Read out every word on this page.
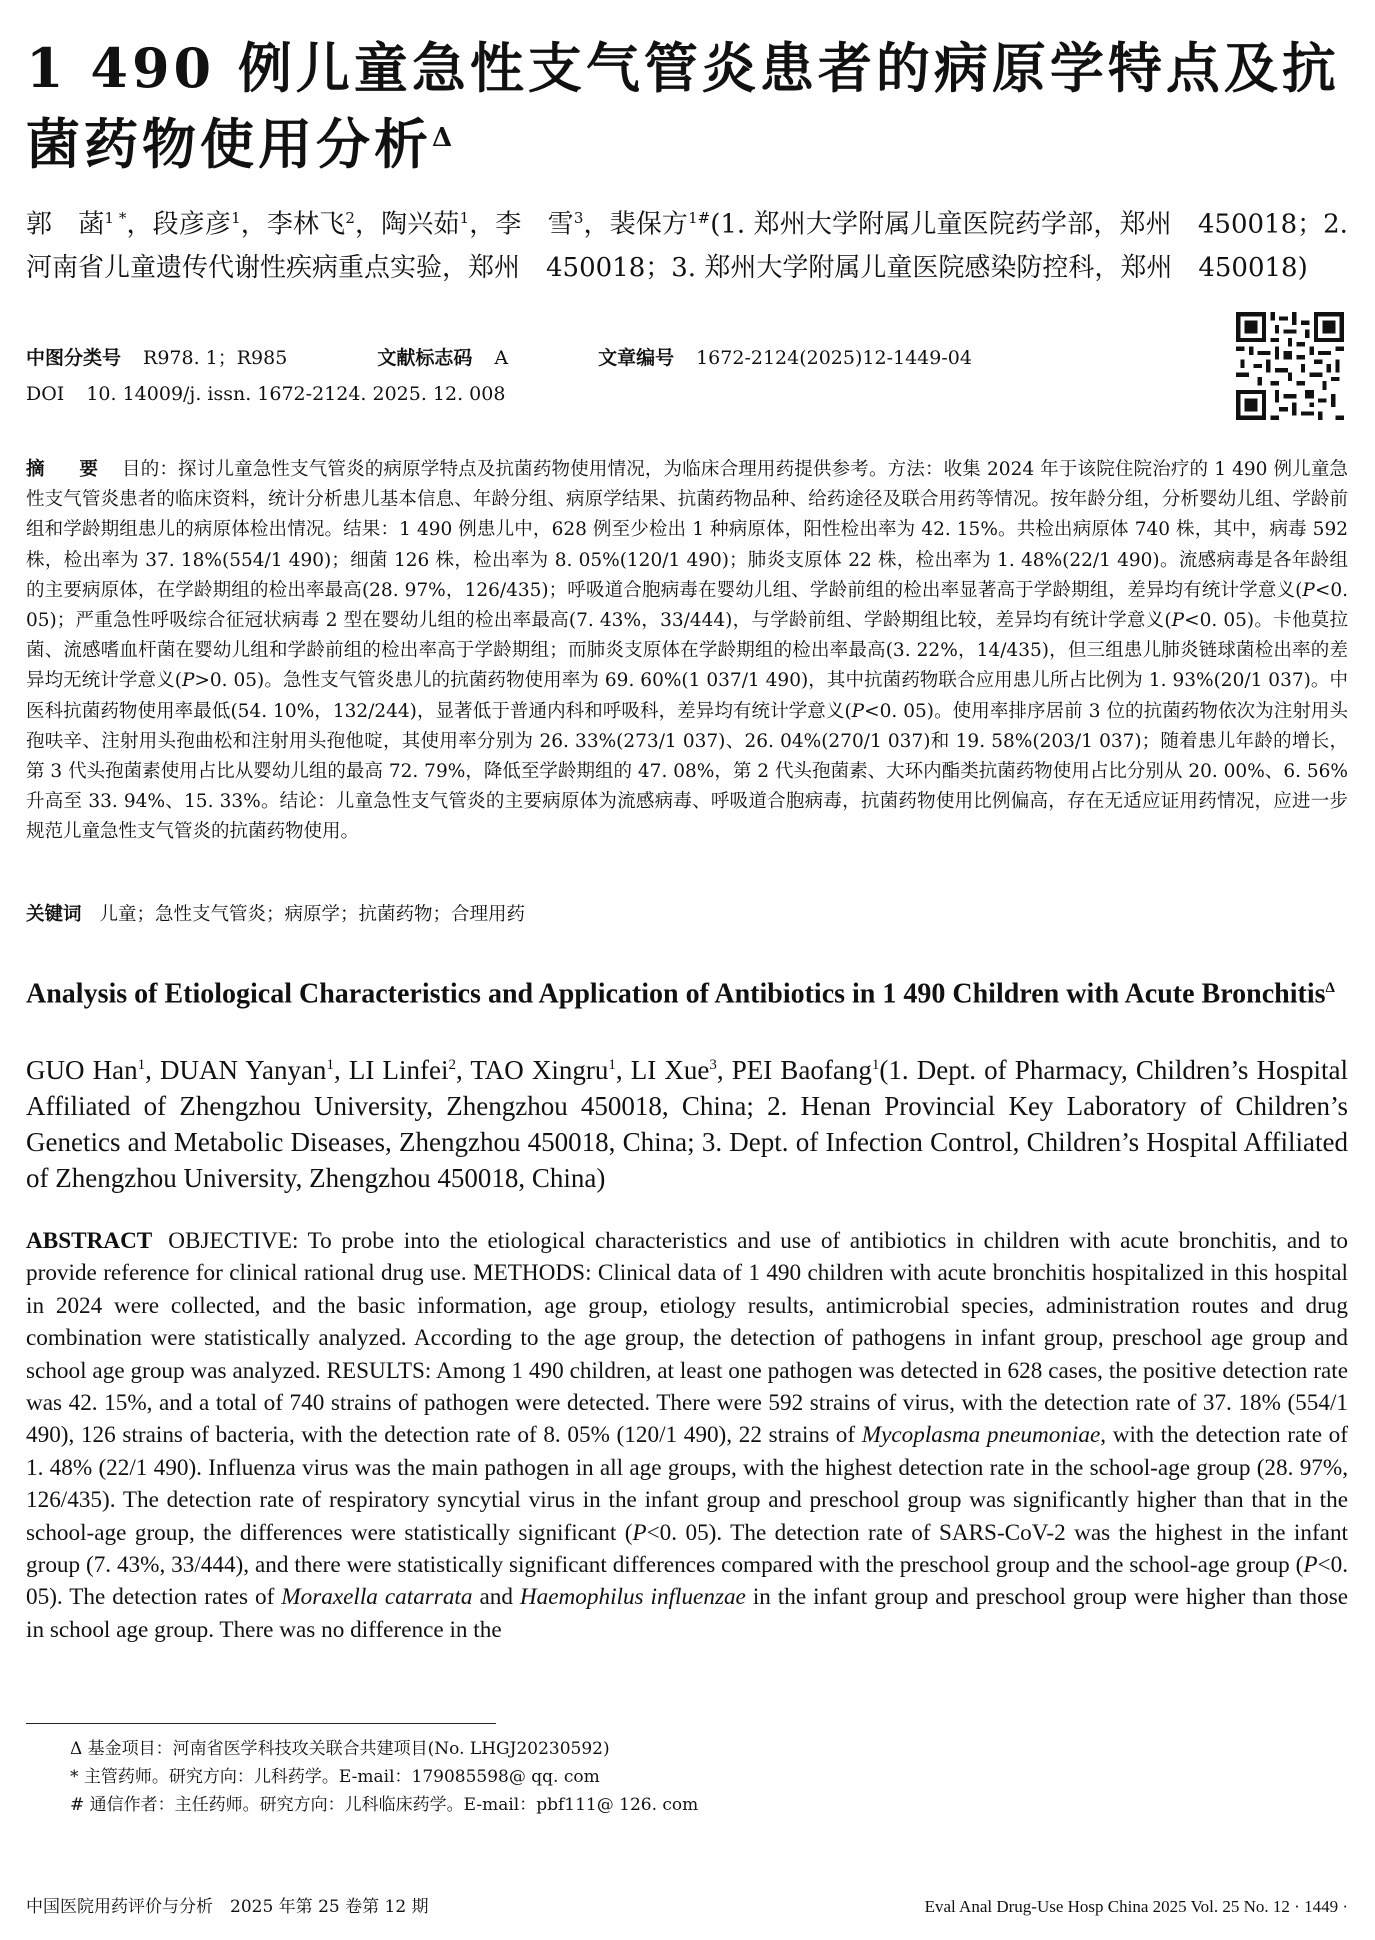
1 490 例儿童急性支气管炎患者的病原学特点及抗菌药物使用分析$^\Delta$
郭　菡$^{1 *}$，段彦彦$^1$，李林飞$^2$，陶兴茹$^1$，李　雪$^3$，裴保方$^{1\#}$(1. 郑州大学附属儿童医院药学部，郑州　450018；2. 河南省儿童遗传代谢性疾病重点实验，郑州　450018；3. 郑州大学附属儿童医院感染防控科，郑州　450018)
中图分类号 R978. 1；R985	文献标志码 A	文章编号 1672-2124(2025)12-1449-04
DOI 10. 14009/j. issn. 1672-2124. 2025. 12. 008
摘　要 目的：探讨儿童急性支气管炎的病原学特点及抗菌药物使用情况，为临床合理用药提供参考。方法：收集 2024 年于该院住院治疗的 1 490 例儿童急性支气管炎患者的临床资料，统计分析患儿基本信息、年龄分组、病原学结果、抗菌药物品种、给药途径及联合用药等情况。按年龄分组，分析婴幼儿组、学龄前组和学龄期组患儿的病原体检出情况。结果：1 490 例患儿中，628 例至少检出 1 种病原体，阳性检出率为 42. 15%。共检出病原体 740 株，其中，病毒 592 株，检出率为 37. 18%(554/1 490)；细菌 126 株，检出率为 8. 05%(120/1 490)；肺炎支原体 22 株，检出率为 1. 48%(22/1 490)。流感病毒是各年龄组的主要病原体，在学龄期组的检出率最高(28. 97%，126/435)；呼吸道合胞病毒在婴幼儿组、学龄前组的检出率显著高于学龄期组，差异均有统计学意义(P<0. 05)；严重急性呼吸综合征冠状病毒 2 型在婴幼儿组的检出率最高(7. 43%，33/444)，与学龄前组、学龄期组比较，差异均有统计学意义(P<0. 05)。卡他莫拉菌、流感嗜血杆菌在婴幼儿组和学龄前组的检出率高于学龄期组；而肺炎支原体在学龄期组的检出率最高(3. 22%，14/435)，但三组患儿肺炎链球菌检出率的差异均无统计学意义(P>0. 05)。急性支气管炎患儿的抗菌药物使用率为 69. 60%(1 037/1 490)，其中抗菌药物联合应用患儿所占比例为 1. 93%(20/1 037)。中医科抗菌药物使用率最低(54. 10%，132/244)，显著低于普通内科和呼吸科，差异均有统计学意义(P<0. 05)。使用率排序居前 3 位的抗菌药物依次为注射用头孢呋辛、注射用头孢曲松和注射用头孢他啶，其使用率分别为 26. 33%(273/1 037)、26. 04%(270/1 037)和 19. 58%(203/1 037)；随着患儿年龄的增长，第 3 代头孢菌素使用占比从婴幼儿组的最高 72. 79%，降低至学龄期组的 47. 08%，第 2 代头孢菌素、大环内酯类抗菌药物使用占比分别从 20. 00%、6. 56%升高至 33. 94%、15. 33%。结论：儿童急性支气管炎的主要病原体为流感病毒、呼吸道合胞病毒，抗菌药物使用比例偏高，存在无适应证用药情况，应进一步规范儿童急性支气管炎的抗菌药物使用。
关键词 儿童；急性支气管炎；病原学；抗菌药物；合理用药
Analysis of Etiological Characteristics and Application of Antibiotics in 1 490 Children with Acute Bronchitis$^\Delta$
GUO Han$^1$, DUAN Yanyan$^1$, LI Linfei$^2$, TAO Xingru$^1$, LI Xue$^3$, PEI Baofang$^1$(1. Dept. of Pharmacy, Children’s Hospital Affiliated of Zhengzhou University, Zhengzhou 450018, China; 2. Henan Provincial Key Laboratory of Children’s Genetics and Metabolic Diseases, Zhengzhou 450018, China; 3. Dept. of Infection Control, Children’s Hospital Affiliated of Zhengzhou University, Zhengzhou 450018, China)
ABSTRACT OBJECTIVE: To probe into the etiological characteristics and use of antibiotics in children with acute bronchitis, and to provide reference for clinical rational drug use. METHODS: Clinical data of 1 490 children with acute bronchitis hospitalized in this hospital in 2024 were collected, and the basic information, age group, etiology results, antimicrobial species, administration routes and drug combination were statistically analyzed. According to the age group, the detection of pathogens in infant group, preschool age group and school age group was analyzed. RESULTS: Among 1 490 children, at least one pathogen was detected in 628 cases, the positive detection rate was 42. 15%, and a total of 740 strains of pathogen were detected. There were 592 strains of virus, with the detection rate of 37. 18% (554/1 490), 126 strains of bacteria, with the detection rate of 8. 05% (120/1 490), 22 strains of Mycoplasma pneumoniae, with the detection rate of 1. 48% (22/1 490). Influenza virus was the main pathogen in all age groups, with the highest detection rate in the school-age group (28. 97%, 126/435). The detection rate of respiratory syncytial virus in the infant group and preschool group was significantly higher than that in the school-age group, the differences were statistically significant (P<0. 05). The detection rate of SARS-CoV-2 was the highest in the infant group (7. 43%, 33/444), and there were statistically significant differences compared with the preschool group and the school-age group (P<0. 05). The detection rates of Moraxella catarrata and Haemophilus influenzae in the infant group and preschool group were higher than those in school age group. There was no difference in the
Δ 基金项目：河南省医学科技攻关联合共建项目(No. LHGJ20230592)
* 主管药师。研究方向：儿科药学。E-mail：179085598@ qq. com
# 通信作者：主任药师。研究方向：儿科临床药学。E-mail：pbf111@ 126. com
中国医院用药评价与分析　2025 年第 25 卷第 12 期	Eval Anal Drug-Use Hosp China 2025 Vol. 25 No. 12 · 1449 ·
